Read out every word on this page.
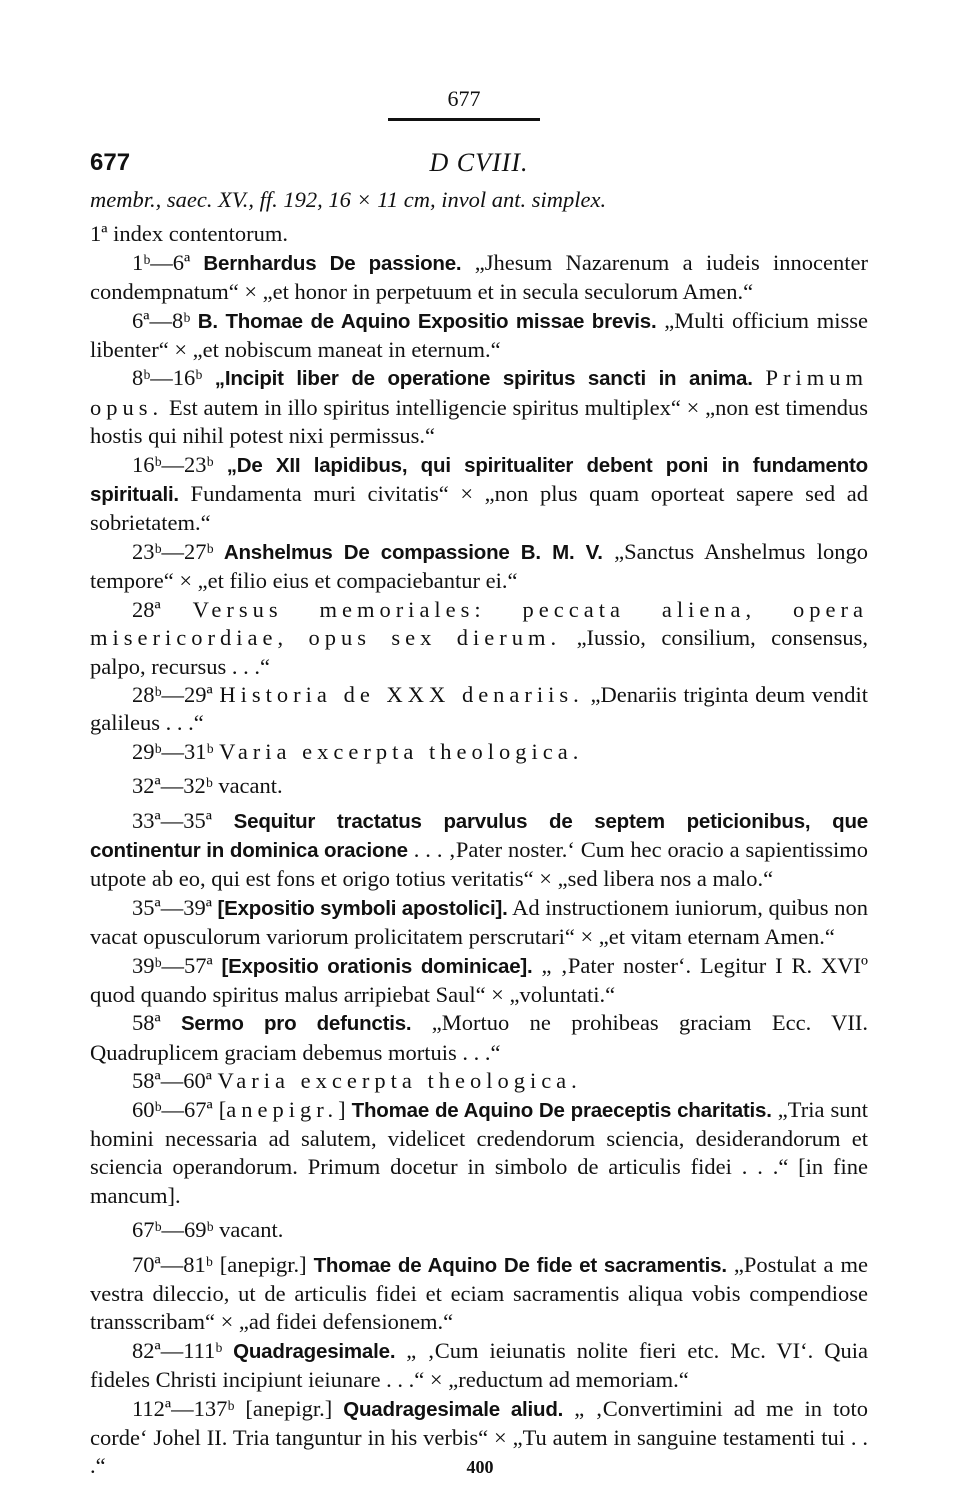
677
677	D CVIII.
membr., saec. XV., ff. 192, 16 × 11 cm, invol ant. simplex.

1ª index contentorum.

1ᵇ—6ª Bernhardus De passione. „Jhesum Nazarenum a iudeis innocenter condempnatum“ × „et honor in perpetuum et in secula seculorum Amen.“

6ª—8ᵇ B. Thomae de Aquino Expositio missae brevis. „Multi officium misse libenter“ × „et nobiscum maneat in eternum.“

8ᵇ—16ᵇ „Incipit liber de operatione spiritus sancti in anima. Primum opus. Est autem in illo spiritus intelligencie spiritus multiplex“ × „non est timendus hostis qui nihil potest nixi permissus.“

16ᵇ—23ᵇ „De XII lapidibus, qui spiritualiter debent poni in fundamento spirituali. Fundamenta muri civitatis“ × „non plus quam oporteat sapere sed ad sobrietatem.“

23ᵇ—27ᵇ Anshelmus De compassione B. M. V. „Sanctus Anshelmus longo tempore“ × „et filio eius et compaciebantur ei.“

28ª Versus memoriales: peccata aliena, opera misericordiae, opus sex dierum. „Iussio, consilium, consensus, palpo, recursus . . .“

28ᵇ—29ª Historia de XXX denariis. „Denariis triginta deum vendit galileus . . .“

29ᵇ—31ᵇ Varia excerpta theologica.

32ª—32ᵇ vacant.

33ª—35ª Sequitur tractatus parvulus de septem peticionibus, que continentur in dominica oracione . . . ‚Pater noster.‘ Cum hec oracio a sapientissimo utpote ab eo, qui est fons et origo totius veritatis“ × „sed libera nos a malo.“

35ª—39ª [Expositio symboli apostolici]. Ad instructionem iuniorum, quibus non vacat opusculorum variorum prolicitatem perscrutari“ × „et vitam eternam Amen.“

39ᵇ—57ª [Expositio orationis dominicae]. „ ‚Pater noster‘. Legitur I R. XVIº quod quando spiritus malus arripiebat Saul“ × „voluntati.“

58ª Sermo pro defunctis. „Mortuo ne prohibeas graciam Ecc. VII. Quadruplicem graciam debemus mortuis . . .“

58ª—60ª Varia excerpta theologica.

60ᵇ—67ª [anepigr.] Thomae de Aquino De praeceptis charitatis. „Tria sunt homini necessaria ad salutem, videlicet credendorum sciencia, desiderandorum et sciencia operandorum. Primum docetur in simbolo de articulis fidei . . .“ [in fine mancum].

67ᵇ—69ᵇ vacant.

70ª—81ᵇ [anepigr.] Thomae de Aquino De fide et sacramentis. „Postulat a me vestra dileccio, ut de articulis fidei et eciam sacramentis aliqua vobis compendiose transscribam“ × „ad fidei defensionem.“

82ª—111ᵇ Quadragesimale. „ ‚Cum ieiunatis nolite fieri etc. Mc. VI‘. Quia fideles Christi incipiunt ieiunare . . .“ × „reductum ad memoriam.“

112ª—137ᵇ [anepigr.] Quadragesimale aliud. „ ‚Convertimini ad me in toto corde‘ Johel II. Tria tanguntur in his verbis“ × „Tu autem in sanguine testamenti tui . . .“	400
